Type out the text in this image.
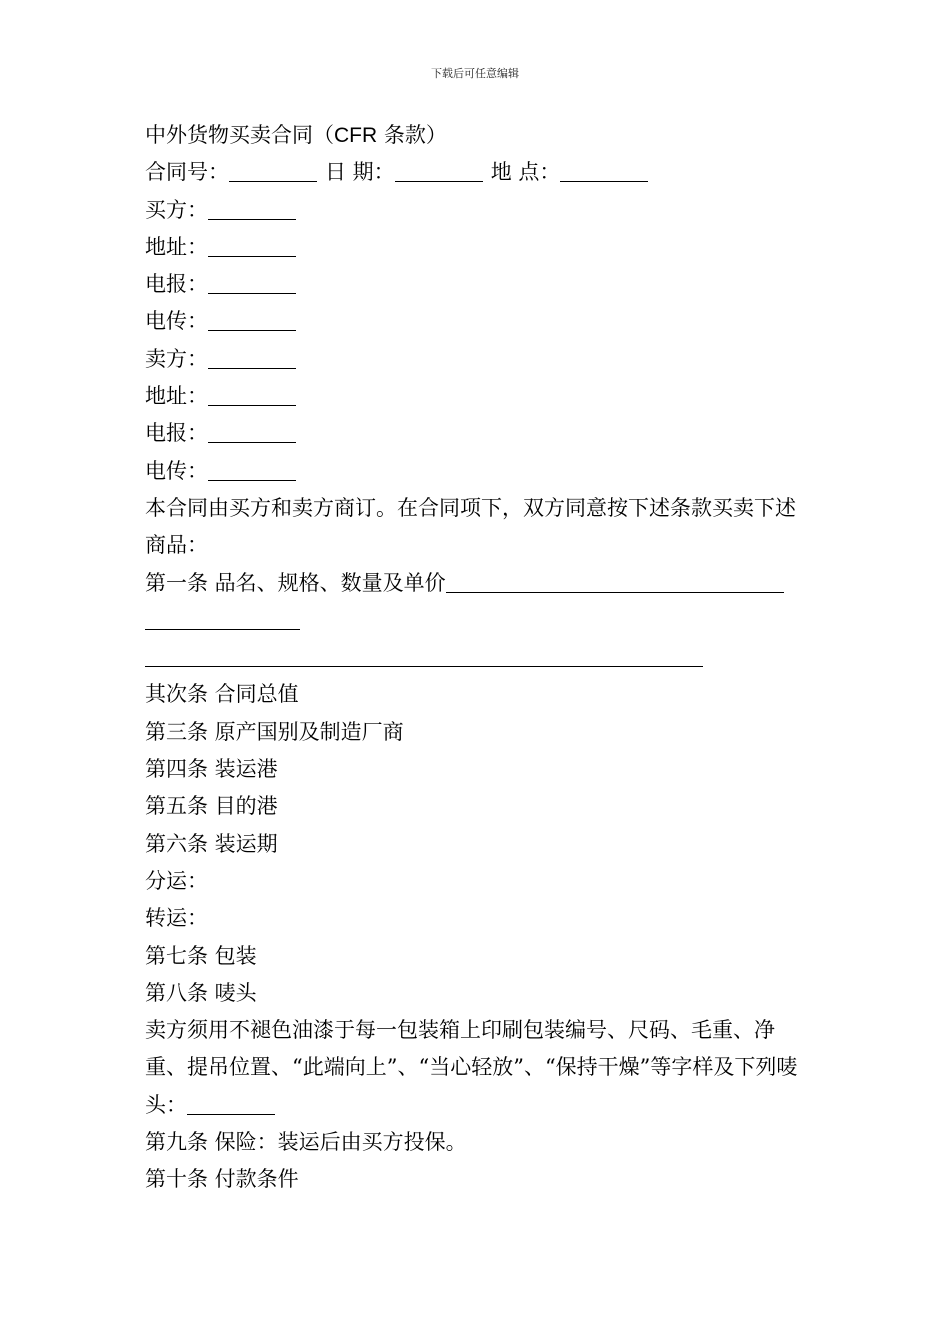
下载后可任意编辑
中外货物买卖合同（CFR 条款）
合同号：	日 期：	地 点：
买方：
地址：
电报：
电传：
卖方：
地址：
电报：
电传：
本合同由买方和卖方商订。在合同项下，双方同意按下述条款买卖下述商品：
第一条 品名、规格、数量及单价
其次条 合同总值
第三条 原产国别及制造厂商
第四条 装运港
第五条 目的港
第六条 装运期
分运：
转运：
第七条 包装
第八条 唛头
卖方须用不褪色油漆于每一包装箱上印刷包装编号、尺码、毛重、净重、提吊位置、“此端向上”、“当心轻放”、“保持干燥”等字样及下列唛头：
第九条 保险：装运后由买方投保。
第十条 付款条件
